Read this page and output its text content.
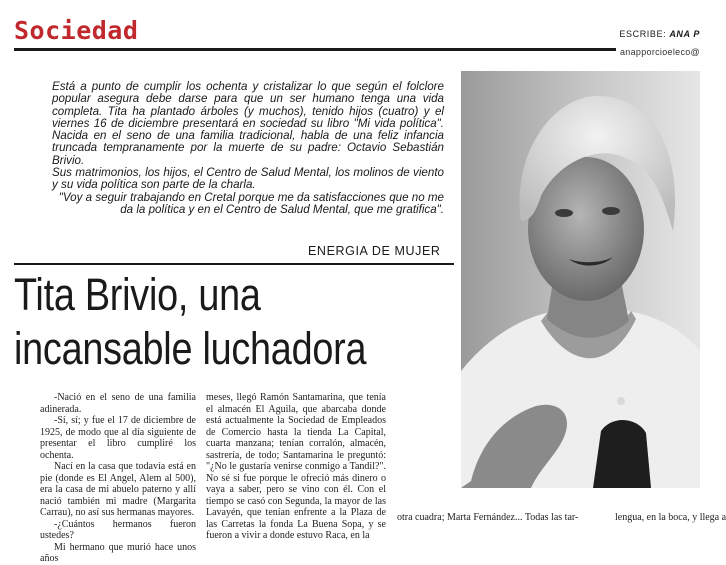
Sociedad	ESCRIBE: ANA P
anapporcioeleco@

Está a punto de cumplir los ochenta y cristalizar lo que según el folclore popular asegura debe darse para que un ser humano tenga una vida completa. Tita ha plantado árboles (y muchos), tenido hijos (cuatro) y el viernes 16 de diciembre presentará en sociedad su libro "Mi vida política". Nacida en el seno de una familia tradicional, habla de una feliz infancia truncada tempranamente por la muerte de su padre: Octavio Sebastián Brivio.

Sus matrimonios, los hijos, el Centro de Salud Mental, los molinos de viento y su vida política son parte de la charla.

"Voy a seguir trabajando en Cretal porque me da satisfacciones que no me da la política y en el Centro de Salud Mental, que me gratifica".

ENERGIA DE MUJER
Tita Brivio, una
incansable luchadora

-Nació en el seno de una familia adinerada.

-Sí, sí; y fue el 17 de diciembre de 1925, de modo que al día siguiente de presentar el libro cumpliré los ochenta.

Nací en la casa que todavía está en pie (donde es El Angel, Alem al 500), era la casa de mi abuelo paterno y allí nació también mi madre (Margarita Carrau), no así sus hermanas mayores.

-¿Cuántos hermanos fueron ustedes?

Mi hermano que murió hace unos años

meses, llegó Ramón Santamarina, que tenía el almacén El Aguila, que abarcaba donde está actualmente la Sociedad de Empleados de Comercio hasta la tienda La Capital, cuarta manzana; tenían corralón, almacén, sastrería, de todo; Santamarina le preguntó: "¿No le gustaría venirse conmigo a Tandil?". No sé si fue porque le ofreció más dinero o vaya a saber, pero se vino con él. Con el tiempo se casó con Segunda, la mayor de las Lavayén, que tenían enfrente a la Plaza de las Carretas la fonda La Buena Sopa, y se fueron a vivir a donde estuvo Raca, en la

otra cuadra; Marta Fernández... Todas las tar-	lengua, en la boca, y llega a
